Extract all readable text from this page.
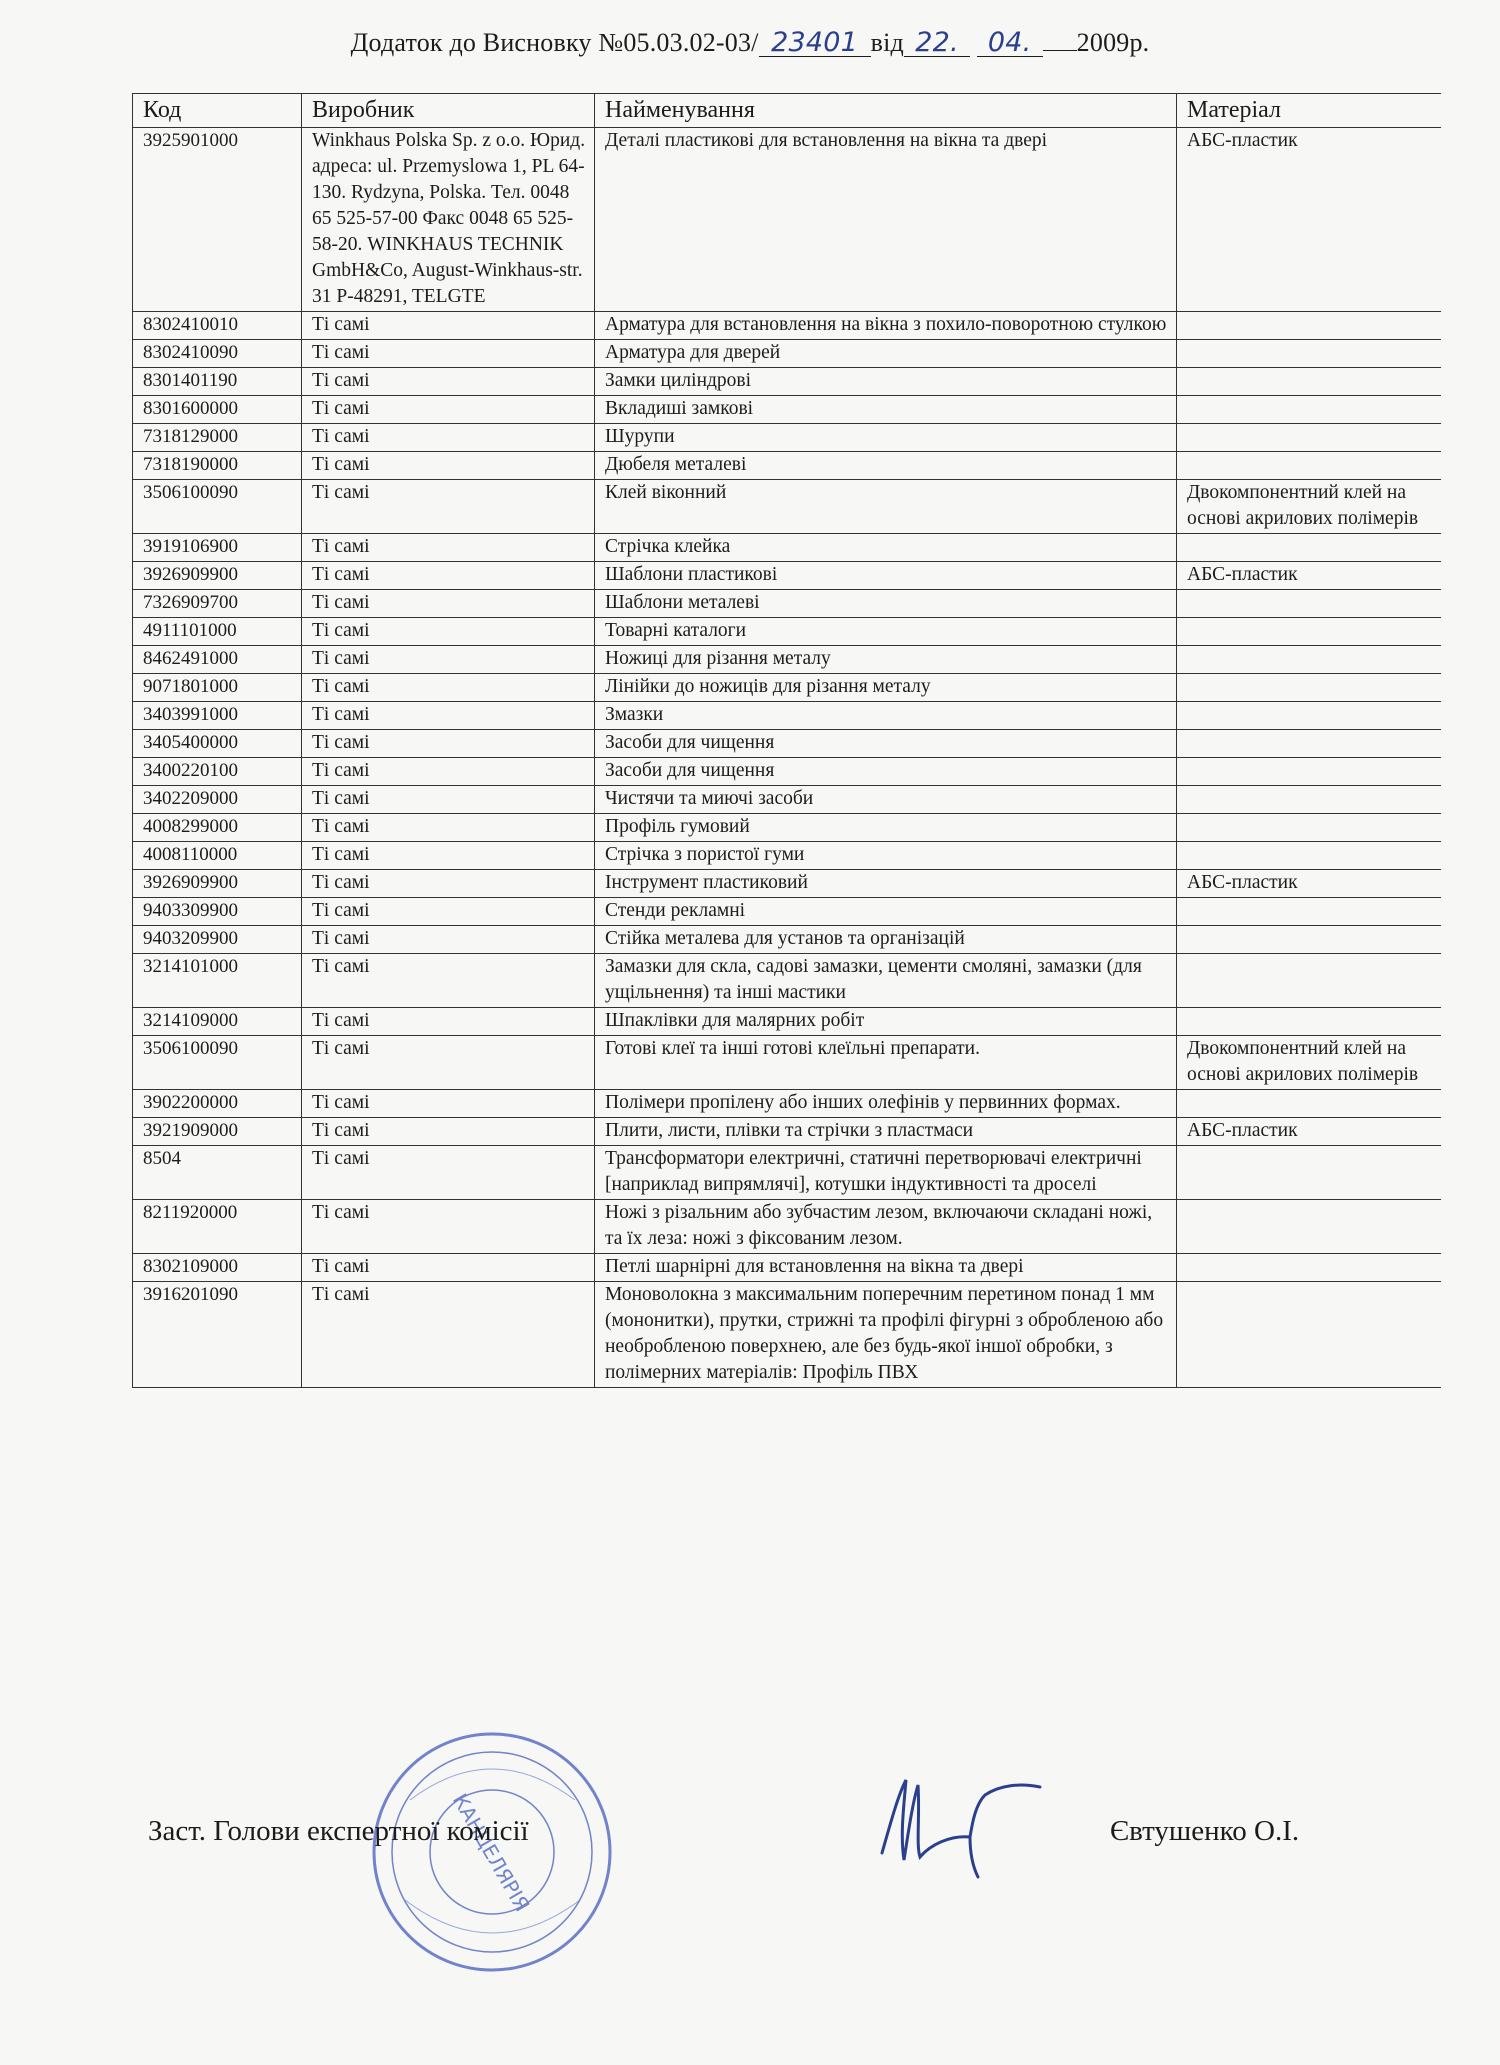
Додаток до Висновку №05.03.02-03/ 23401 від 22. 04. 2009р.
Код	Виробник	Найменування	Матеріал
3925901000	Winkhaus Polska Sp. z o.o. Юрид. адреса: ul. Przemyslowa 1, PL 64-130. Rydzyna, Polska. Тел. 0048 65 525-57-00 Факс 0048 65 525-58-20. WINKHAUS TECHNIK GmbH&Co, August-Winkhaus-str. 31 P-48291, TELGTE	Деталі пластикові для встановлення на вікна та двері	АБС-пластик
8302410010	Ті самі	Арматура для встановлення на вікна з похило-поворотною стулкою	
8302410090	Ті самі	Арматура для дверей	
8301401190	Ті самі	Замки циліндрові	
8301600000	Ті самі	Вкладиші замкові	
7318129000	Ті самі	Шурупи	
7318190000	Ті самі	Дюбеля металеві	
3506100090	Ті самі	Клей віконний	Двокомпонентний клей на основі акрилових полімерів
3919106900	Ті самі	Стрічка клейка	
3926909900	Ті самі	Шаблони пластикові	АБС-пластик
7326909700	Ті самі	Шаблони металеві	
4911101000	Ті самі	Товарні каталоги	
8462491000	Ті самі	Ножиці для різання металу	
9071801000	Ті самі	Лінійки до ножиців для різання металу	
3403991000	Ті самі	Змазки	
3405400000	Ті самі	Засоби для чищення	
3400220100	Ті самі	Засоби для чищення	
3402209000	Ті самі	Чистячи та миючі засоби	
4008299000	Ті самі	Профіль гумовий	
4008110000	Ті самі	Стрічка з пористої гуми	
3926909900	Ті самі	Інструмент пластиковий	АБС-пластик
9403309900	Ті самі	Стенди рекламні	
9403209900	Ті самі	Стійка металева для установ та організацій	
3214101000	Ті самі	Замазки для скла, садові замазки, цементи смоляні, замазки (для ущільнення) та інші мастики	
3214109000	Ті самі	Шпаклівки для малярних робіт	
3506100090	Ті самі	Готові клеї та інші готові клеїльні препарати.	Двокомпонентний клей на основі акрилових полімерів
3902200000	Ті самі	Полімери пропілену або інших олефінів у первинних формах.	
3921909000	Ті самі	Плити, листи, плівки та стрічки з пластмаси	АБС-пластик
8504	Ті самі	Трансформатори електричні, статичні перетворювачі електричні [наприклад випрямлячі], котушки індуктивності та дроселі	
8211920000	Ті самі	Ножі з різальним або зубчастим лезом, включаючи складані ножі, та їх леза: ножі з фіксованим лезом.	
8302109000	Ті самі	Петлі шарнірні для встановлення на вікна та двері	
3916201090	Ті самі	Моноволокна з максимальним поперечним перетином понад 1 мм (мононитки), прутки, стрижні та профілі фігурні з обробленою або необробленою поверхнею, але без будь-якої іншої обробки, з полімерних матеріалів: Профіль ПВХ	
КАНЦЕЛЯРІЯ
Заст. Голови експертної комісії	Євтушенко О.І.
